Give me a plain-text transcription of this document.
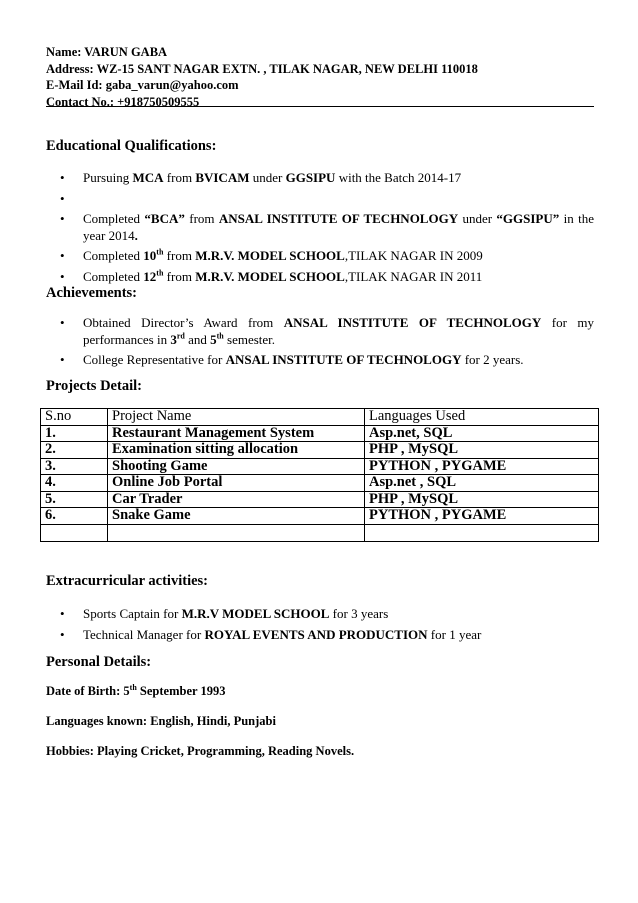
Name: VARUN GABA
Address: WZ-15 SANT NAGAR EXTN. , TILAK NAGAR, NEW DELHI 110018
E-Mail Id: gaba_varun@yahoo.com
Contact No.: +918750509555
Educational Qualifications:
• Pursuing MCA from BVICAM under GGSIPU with the Batch 2014-17
•
• Completed “BCA” from ANSAL INSTITUTE OF TECHNOLOGY under “GGSIPU” in the year 2014.
• Completed 10th from M.R.V. MODEL SCHOOL,TILAK NAGAR IN 2009
• Completed 12th from M.R.V. MODEL SCHOOL,TILAK NAGAR IN 2011
Achievements:
• Obtained Director’s Award from ANSAL INSTITUTE OF TECHNOLOGY for my performances in 3rd and 5th semester.
• College Representative for ANSAL INSTITUTE OF TECHNOLOGY for 2 years.
Projects Detail:
S.no	Project Name	Languages Used
1.	Restaurant Management System	Asp.net, SQL
2.	Examination sitting allocation	PHP , MySQL
3.	Shooting Game	PYTHON , PYGAME
4.	Online Job Portal	Asp.net , SQL
5.	Car Trader	PHP , MySQL
6.	Snake Game	PYTHON , PYGAME

Extracurricular activities:
• Sports Captain for M.R.V MODEL SCHOOL for 3 years
• Technical Manager for ROYAL EVENTS AND PRODUCTION for 1 year
Personal Details:
Date of Birth: 5th September 1993
Languages known: English, Hindi, Punjabi
Hobbies: Playing Cricket, Programming, Reading Novels.
